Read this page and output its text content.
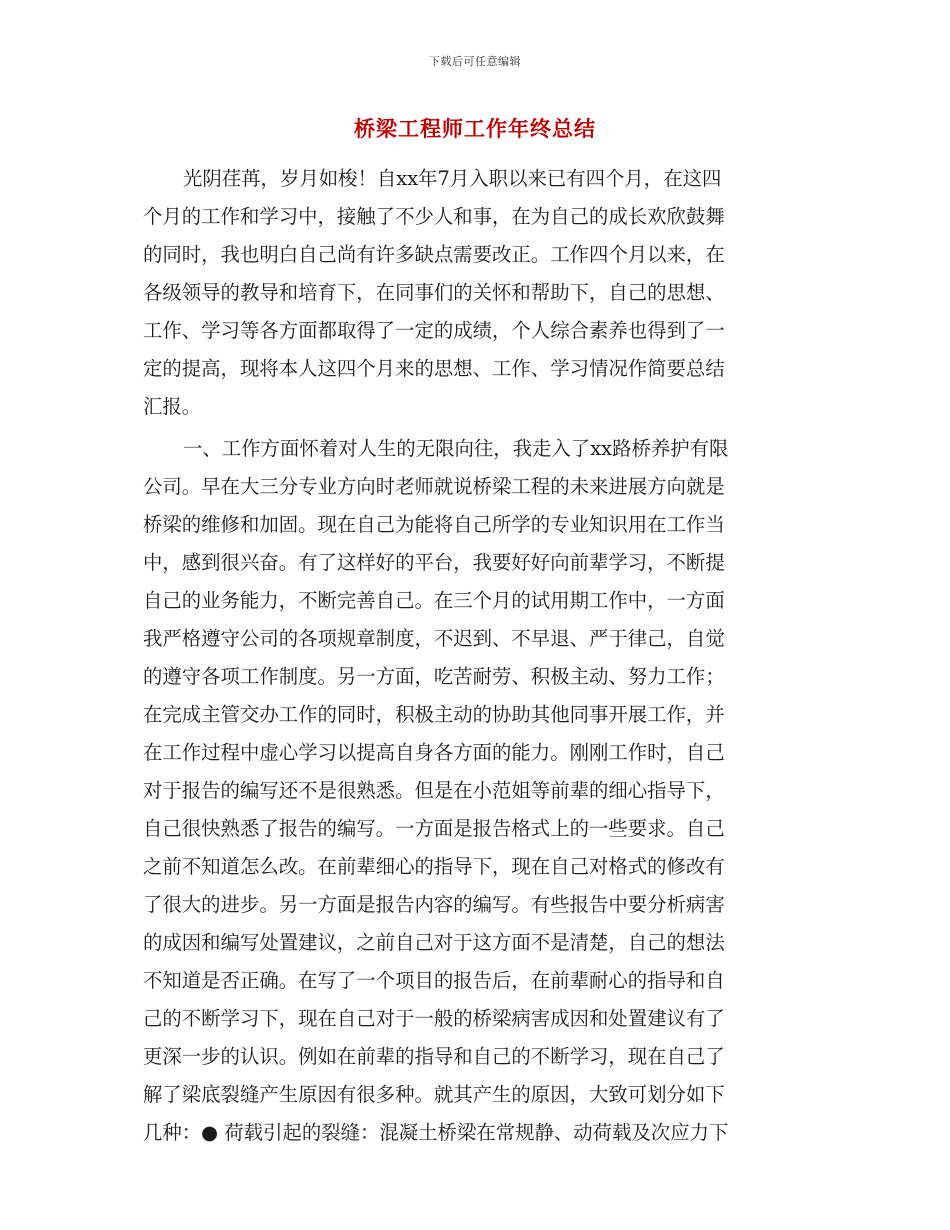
下载后可任意编辑
桥梁工程师工作年终总结
光阴荏苒，岁月如梭！自xx年7月入职以来已有四个月，在这四
个月的工作和学习中，接触了不少人和事，在为自己的成长欢欣鼓舞
的同时，我也明白自己尚有许多缺点需要改正。工作四个月以来，在
各级领导的教导和培育下，在同事们的关怀和帮助下，自己的思想、
工作、学习等各方面都取得了一定的成绩，个人综合素养也得到了一
定的提高，现将本人这四个月来的思想、工作、学习情况作简要总结
汇报。
一、工作方面怀着对人生的无限向往，我走入了xx路桥养护有限
公司。早在大三分专业方向时老师就说桥梁工程的未来进展方向就是
桥梁的维修和加固。现在自己为能将自己所学的专业知识用在工作当
中，感到很兴奋。有了这样好的平台，我要好好向前辈学习，不断提
自己的业务能力，不断完善自己。在三个月的试用期工作中，一方面
我严格遵守公司的各项规章制度，不迟到、不早退、严于律己，自觉
的遵守各项工作制度。另一方面，吃苦耐劳、积极主动、努力工作；
在完成主管交办工作的同时，积极主动的协助其他同事开展工作，并
在工作过程中虚心学习以提高自身各方面的能力。刚刚工作时，自己
对于报告的编写还不是很熟悉。但是在小范姐等前辈的细心指导下，
自己很快熟悉了报告的编写。一方面是报告格式上的一些要求。自己
之前不知道怎么改。在前辈细心的指导下，现在自己对格式的修改有
了很大的进步。另一方面是报告内容的编写。有些报告中要分析病害
的成因和编写处置建议，之前自己对于这方面不是清楚，自己的想法
不知道是否正确。在写了一个项目的报告后，在前辈耐心的指导和自
己的不断学习下，现在自己对于一般的桥梁病害成因和处置建议有了
更深一步的认识。例如在前辈的指导和自己的不断学习，现在自己了
解了梁底裂缝产生原因有很多种。就其产生的原因，大致可划分如下
几种：● 荷载引起的裂缝：混凝土桥梁在常规静、动荷载及次应力下
